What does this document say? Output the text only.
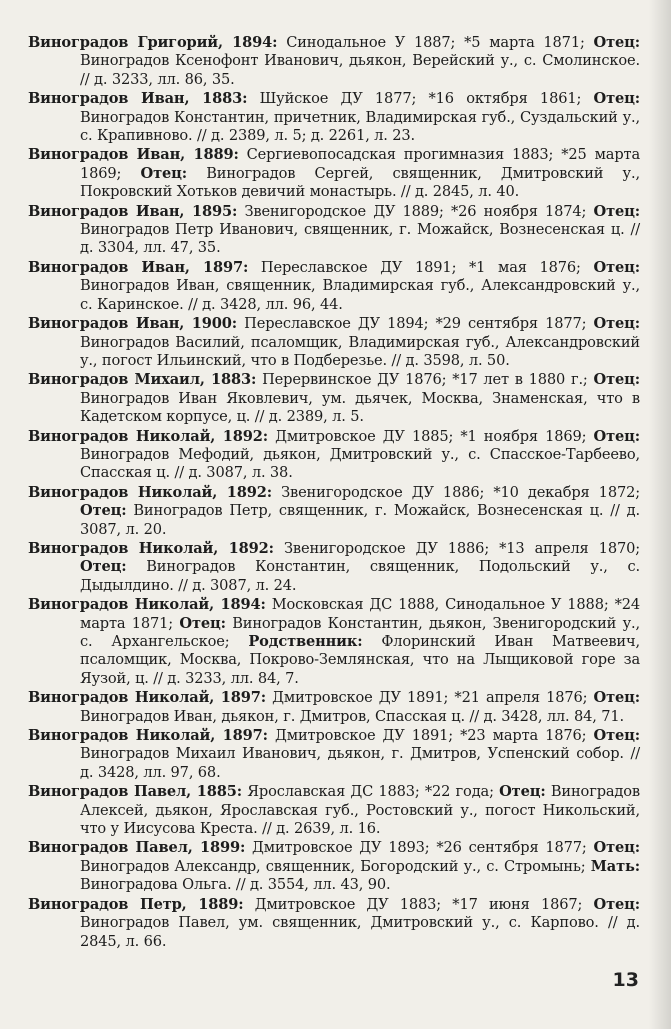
Виноградов Григорий, 1894: Синодальное У 1887; *5 марта 1871; Отец: Виноградов Ксенофонт Иванович, дьякон, Верейский у., с. Смолинское. // д. 3233, лл. 86, 35.

Виноградов Иван, 1883: Шуйское ДУ 1877; *16 октября 1861; Отец: Виноградов Константин, причетник, Владимирская губ., Суздальский у., с. Крапивново. // д. 2389, л. 5; д. 2261, л. 23.

Виноградов Иван, 1889: Сергиевопосадская прогимназия 1883; *25 марта 1869; Отец: Виноградов Сергей, священник, Дмитровский у., Покровский Хотьков девичий монастырь. // д. 2845, л. 40.

Виноградов Иван, 1895: Звенигородское ДУ 1889; *26 ноября 1874; Отец: Виноградов Петр Иванович, священник, г. Можайск, Вознесенская ц. // д. 3304, лл. 47, 35.

Виноградов Иван, 1897: Переславское ДУ 1891; *1 мая 1876; Отец: Виноградов Иван, священник, Владимирская губ., Александровский у., с. Каринское. // д. 3428, лл. 96, 44.

Виноградов Иван, 1900: Переславское ДУ 1894; *29 сентября 1877; Отец: Виноградов Василий, псаломщик, Владимирская губ., Александровский у., погост Ильинский, что в Подберезье. // д. 3598, л. 50.

Виноградов Михаил, 1883: Перервинское ДУ 1876; *17 лет в 1880 г.; Отец: Виноградов Иван Яковлевич, ум. дьячек, Москва, Знаменская, что в Кадетском корпусе, ц. // д. 2389, л. 5.

Виноградов Николай, 1892: Дмитровское ДУ 1885; *1 ноября 1869; Отец: Виноградов Мефодий, дьякон, Дмитровский у., с. Спасское-Тарбеево, Спасская ц. // д. 3087, л. 38.

Виноградов Николай, 1892: Звенигородское ДУ 1886; *10 декабря 1872; Отец: Виноградов Петр, священник, г. Можайск, Вознесенская ц. // д. 3087, л. 20.

Виноградов Николай, 1892: Звенигородское ДУ 1886; *13 апреля 1870; Отец: Виноградов Константин, священник, Подольский у., с. Дыдылдино. // д. 3087, л. 24.

Виноградов Николай, 1894: Московская ДС 1888, Синодальное У 1888; *24 марта 1871; Отец: Виноградов Константин, дьякон, Звенигородский у., с. Архангельское; Родственник: Флоринский Иван Матвеевич, псаломщик, Москва, Покрово-Землянская, что на Лыщиковой горе за Яузой, ц. // д. 3233, лл. 84, 7.

Виноградов Николай, 1897: Дмитровское ДУ 1891; *21 апреля 1876; Отец: Виноградов Иван, дьякон, г. Дмитров, Спасская ц. // д. 3428, лл. 84, 71.

Виноградов Николай, 1897: Дмитровское ДУ 1891; *23 марта 1876; Отец: Виноградов Михаил Иванович, дьякон, г. Дмитров, Успенский собор. // д. 3428, лл. 97, 68.

Виноградов Павел, 1885: Ярославская ДС 1883; *22 года; Отец: Виноградов Алексей, дьякон, Ярославская губ., Ростовский у., погост Никольский, что у Иисусова Креста. // д. 2639, л. 16.

Виноградов Павел, 1899: Дмитровское ДУ 1893; *26 сентября 1877; Отец: Виноградов Александр, священник, Богородский у., с. Стромынь; Мать: Виноградова Ольга. // д. 3554, лл. 43, 90.

Виноградов Петр, 1889: Дмитровское ДУ 1883; *17 июня 1867; Отец: Виноградов Павел, ум. священник, Дмитровский у., с. Карпово. // д. 2845, л. 66.

13
